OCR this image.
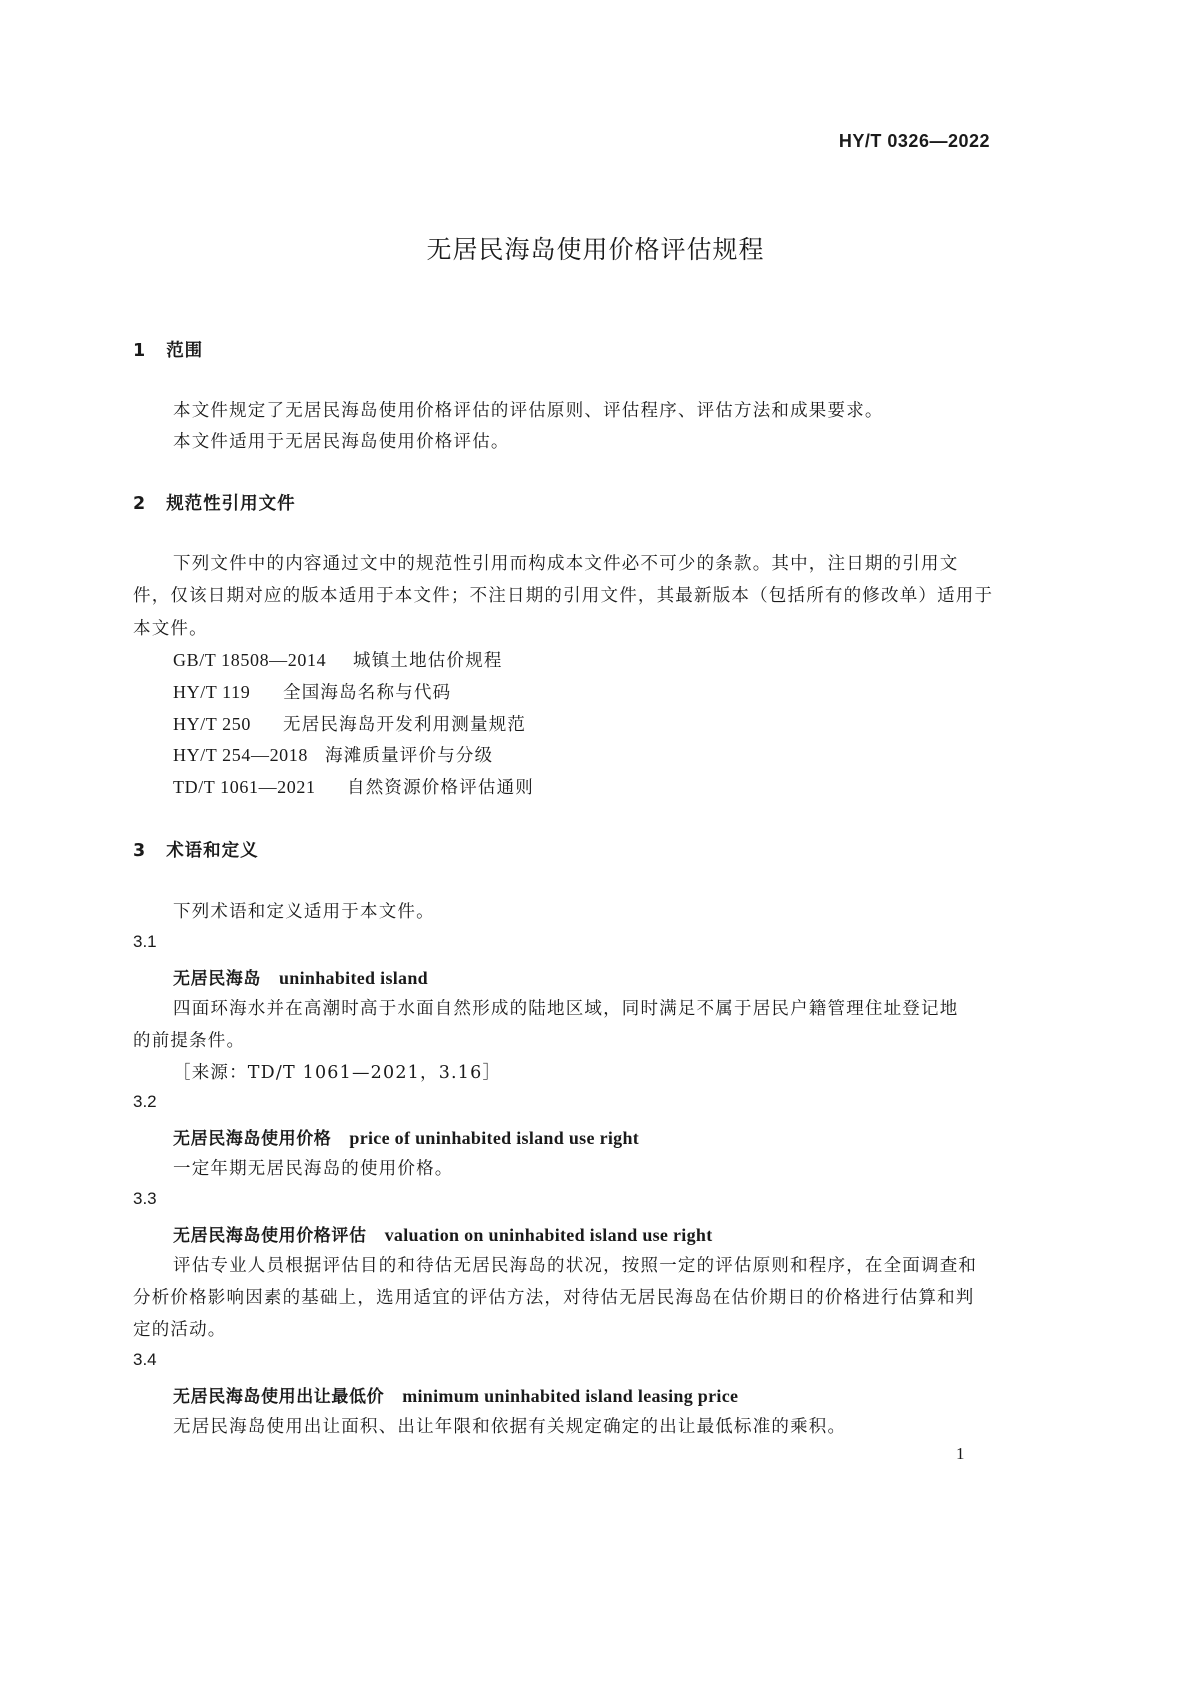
HY/T 0326—2022
无居民海岛使用价格评估规程
1 范围
本文件规定了无居民海岛使用价格评估的评估原则、评估程序、评估方法和成果要求。
本文件适用于无居民海岛使用价格评估。
2 规范性引用文件
下列文件中的内容通过文中的规范性引用而构成本文件必不可少的条款。其中，注日期的引用文
件，仅该日期对应的版本适用于本文件；不注日期的引用文件，其最新版本（包括所有的修改单）适用于
本文件。
GB/T 18508—2014 城镇土地估价规程
HY/T 119 全国海岛名称与代码
HY/T 250 无居民海岛开发利用测量规范
HY/T 254—2018 海滩质量评价与分级
TD/T 1061—2021 自然资源价格评估通则
3 术语和定义
下列术语和定义适用于本文件。
3.1
无居民海岛 uninhabited island
四面环海水并在高潮时高于水面自然形成的陆地区域，同时满足不属于居民户籍管理住址登记地
的前提条件。
［来源：TD/T 1061—2021，3.16］
3.2
无居民海岛使用价格 price of uninhabited island use right
一定年期无居民海岛的使用价格。
3.3
无居民海岛使用价格评估 valuation on uninhabited island use right
评估专业人员根据评估目的和待估无居民海岛的状况，按照一定的评估原则和程序，在全面调查和
分析价格影响因素的基础上，选用适宜的评估方法，对待估无居民海岛在估价期日的价格进行估算和判
定的活动。
3.4
无居民海岛使用出让最低价 minimum uninhabited island leasing price
无居民海岛使用出让面积、出让年限和依据有关规定确定的出让最低标准的乘积。
1
